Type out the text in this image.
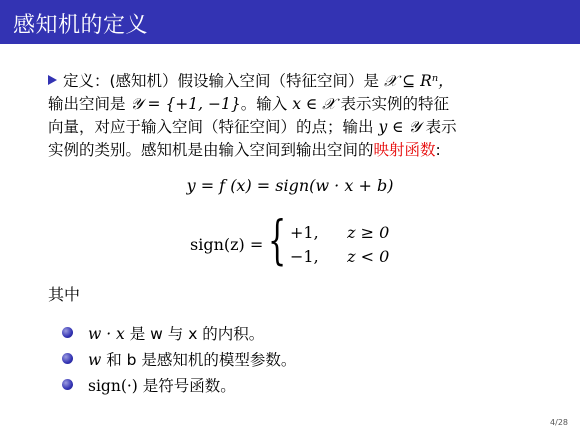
感知机的定义
定义：(感知机）假设输入空间（特征空间）是 𝒳 ⊆ Rⁿ，
输出空间是 𝒴 = {+1, −1}。输入 x ∈ 𝒳 表示实例的特征
向量，对应于输入空间（特征空间）的点；输出 y ∈ 𝒴 表示
实例的类别。感知机是由输入空间到输出空间的映射函数:
y = f (x) = sign(w · x + b)
sign(z) = { +1, z ≥ 0
−1, z < 0
其中
w · x 是 w 与 x 的内积。
w 和 b 是感知机的模型参数。
sign(·) 是符号函数。
4/28
